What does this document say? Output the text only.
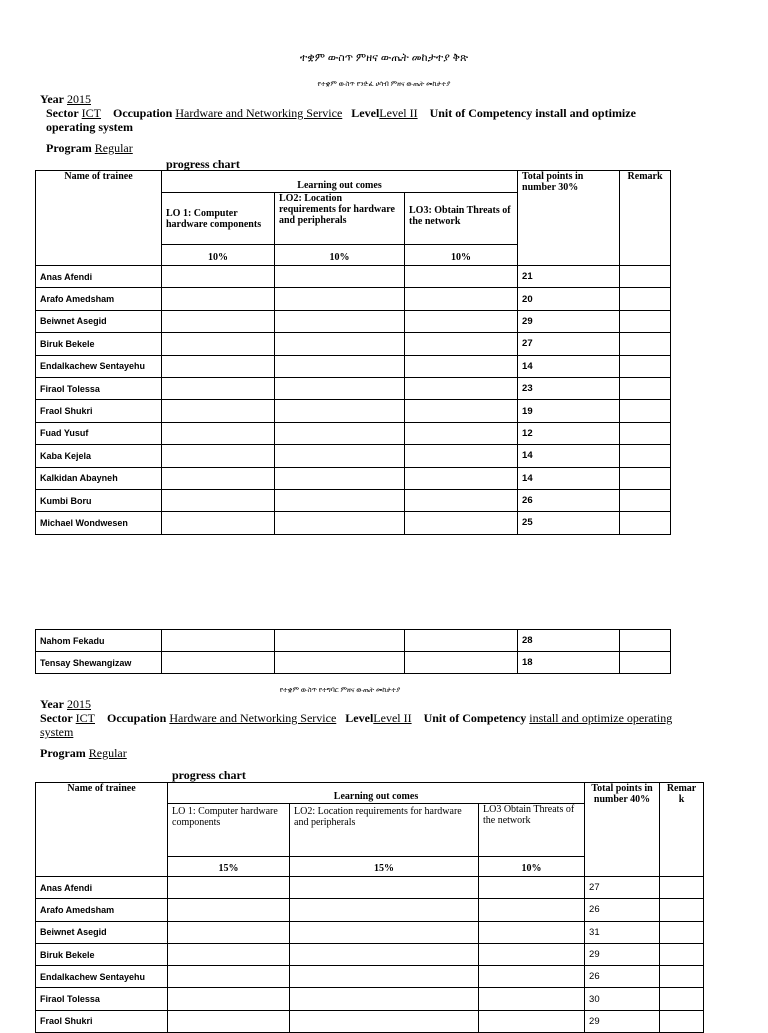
ተቋም ውስጥ ምዘና ውጤት መከታተያ ቅጽ
የተቋም ውስጥ የንድፈ ሀሳብ ምዘና ውጤት መከታተያ
Year 2015
Sector ICT Occupation Hardware and Networking Service LevelLevel II Unit of Competency install and optimize
operating system
Program Regular
progress chart
Name of trainee	Learning out comes			Total points in number 30%	Remark
	LO 1: Computer hardware components	LO2: Location requirements for hardware and peripherals	LO3: Obtain Threats of the network		
	10%	10%	10%		
Anas Afendi				21	
Arafo Amedsham				20	
Beiwnet Asegid				29	
Biruk Bekele				27	
Endalkachew Sentayehu				14	
Firaol Tolessa				23	
Fraol Shukri				19	
Fuad Yusuf				12	
Kaba Kejela				14	
Kalkidan Abayneh				14	
Kumbi Boru				26	
Michael Wondwesen				25	
Nahom Fekadu				28	
Tensay Shewangizaw				18	
የተቋም ውስጥ የተግባር ምዘና ውጤት መከታተያ
Year 2015
Sector ICT Occupation Hardware and Networking Service LevelLevel II Unit of Competency install and optimize operating
system
Program Regular
progress chart
Name of trainee	Learning out comes			Total points in number 40%	Remar k
	LO 1: Computer hardware components	LO2: Location requirements for hardware and peripherals	LO3 Obtain Threats of the network		
	15%	15%	10%		
Anas Afendi				27	
Arafo Amedsham				26	
Beiwnet Asegid				31	
Biruk Bekele				29	
Endalkachew Sentayehu				26	
Firaol Tolessa				30	
Fraol Shukri				29	
